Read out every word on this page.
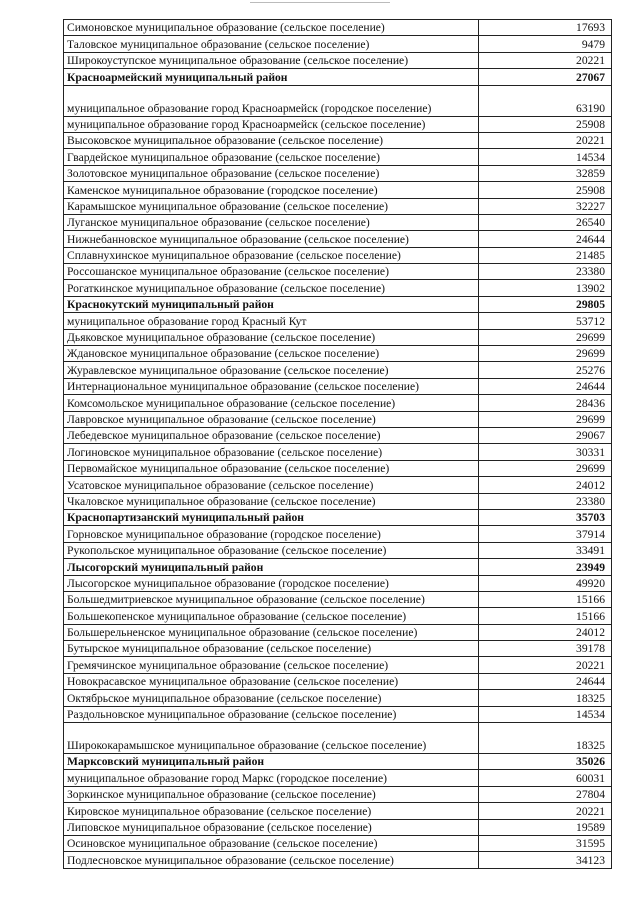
Симоновское муниципальное образование (сельское поселение)	17693
Таловское муниципальное образование (сельское поселение)	9479
Широкоуступское муниципальное образование (сельское поселение)	20221
Красноармейский муниципальный район	27067
муниципальное образование город Красноармейск (городское поселение)	63190
муниципальное образование город Красноармейск (сельское поселение)	25908
Высоковское муниципальное образование (сельское поселение)	20221
Гвардейское муниципальное образование (сельское поселение)	14534
Золотовское муниципальное образование (сельское поселение)	32859
Каменское муниципальное образование (городское поселение)	25908
Карамышское муниципальное образование (сельское поселение)	32227
Луганское муниципальное образование (сельское поселение)	26540
Нижнебанновское муниципальное образование (сельское поселение)	24644
Сплавнухинское муниципальное образование (сельское поселение)	21485
Россошанское муниципальное образование (сельское поселение)	23380
Рогаткинское муниципальное образование (сельское поселение)	13902
Краснокутский муниципальный район	29805
муниципальное образование город Красный Кут	53712
Дьяковское муниципальное образование (сельское поселение)	29699
Ждановское муниципальное образование (сельское поселение)	29699
Журавлевское муниципальное образование (сельское поселение)	25276
Интернациональное муниципальное образование (сельское поселение)	24644
Комсомольское муниципальное образование (сельское поселение)	28436
Лавровское муниципальное образование (сельское поселение)	29699
Лебедевское муниципальное образование (сельское поселение)	29067
Логиновское муниципальное образование (сельское поселение)	30331
Первомайское муниципальное образование (сельское поселение)	29699
Усатовское муниципальное образование (сельское поселение)	24012
Чкаловское муниципальное образование (сельское поселение)	23380
Краснопартизанский муниципальный район	35703
Горновское муниципальное образование (городское поселение)	37914
Рукопольское муниципальное образование (сельское поселение)	33491
Лысогорский муниципальный район	23949
Лысогорское муниципальное образование (городское поселение)	49920
Большедмитриевское муниципальное образование (сельское поселение)	15166
Большекопенское муниципальное образование (сельское поселение)	15166
Большерельненское муниципальное образование (сельское поселение)	24012
Бутырское муниципальное образование (сельское поселение)	39178
Гремячинское муниципальное образование (сельское поселение)	20221
Новокрасавское муниципальное образование (сельское поселение)	24644
Октябрьское муниципальное образование (сельское поселение)	18325
Раздольновское муниципальное образование (сельское поселение)	14534
Ширококарамышское муниципальное образование (сельское поселение)	18325
Марксовский муниципальный район	35026
муниципальное образование город Маркс (городское поселение)	60031
Зоркинское муниципальное образование (сельское поселение)	27804
Кировское муниципальное образование (сельское поселение)	20221
Липовское муниципальное образование (сельское поселение)	19589
Осиновское муниципальное образование (сельское поселение)	31595
Подлесновское муниципальное образование (сельское поселение)	34123
